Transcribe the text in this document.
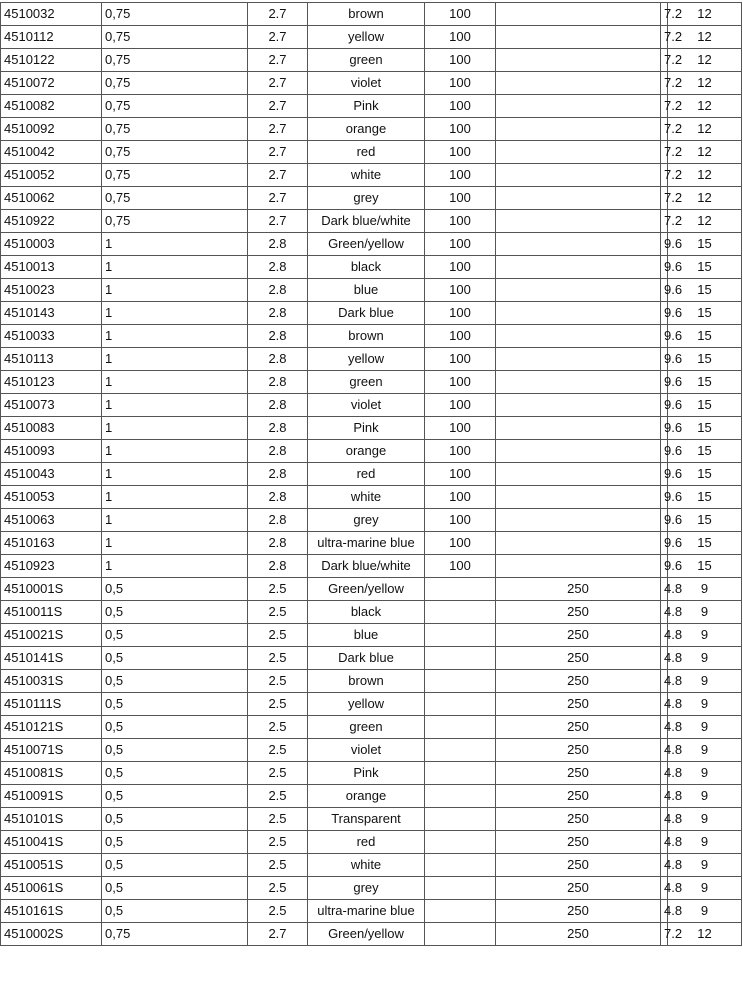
4510032	0,75	2.7	brown	100		7.2	12
4510112	0,75	2.7	yellow	100		7.2	12
4510122	0,75	2.7	green	100		7.2	12
4510072	0,75	2.7	violet	100		7.2	12
4510082	0,75	2.7	Pink	100		7.2	12
4510092	0,75	2.7	orange	100		7.2	12
4510042	0,75	2.7	red	100		7.2	12
4510052	0,75	2.7	white	100		7.2	12
4510062	0,75	2.7	grey	100		7.2	12
4510922	0,75	2.7	Dark blue/white	100		7.2	12
4510003	1	2.8	Green/yellow	100		9.6	15
4510013	1	2.8	black	100		9.6	15
4510023	1	2.8	blue	100		9.6	15
4510143	1	2.8	Dark blue	100		9.6	15
4510033	1	2.8	brown	100		9.6	15
4510113	1	2.8	yellow	100		9.6	15
4510123	1	2.8	green	100		9.6	15
4510073	1	2.8	violet	100		9.6	15
4510083	1	2.8	Pink	100		9.6	15
4510093	1	2.8	orange	100		9.6	15
4510043	1	2.8	red	100		9.6	15
4510053	1	2.8	white	100		9.6	15
4510063	1	2.8	grey	100		9.6	15
4510163	1	2.8	ultra-marine blue	100		9.6	15
4510923	1	2.8	Dark blue/white	100		9.6	15
4510001S	0,5	2.5	Green/yellow		250	4.8	9
4510011S	0,5	2.5	black		250	4.8	9
4510021S	0,5	2.5	blue		250	4.8	9
4510141S	0,5	2.5	Dark blue		250	4.8	9
4510031S	0,5	2.5	brown		250	4.8	9
4510111S	0,5	2.5	yellow		250	4.8	9
4510121S	0,5	2.5	green		250	4.8	9
4510071S	0,5	2.5	violet		250	4.8	9
4510081S	0,5	2.5	Pink		250	4.8	9
4510091S	0,5	2.5	orange		250	4.8	9
4510101S	0,5	2.5	Transparent		250	4.8	9
4510041S	0,5	2.5	red		250	4.8	9
4510051S	0,5	2.5	white		250	4.8	9
4510061S	0,5	2.5	grey		250	4.8	9
4510161S	0,5	2.5	ultra-marine blue		250	4.8	9
4510002S	0,75	2.7	Green/yellow		250	7.2	12
